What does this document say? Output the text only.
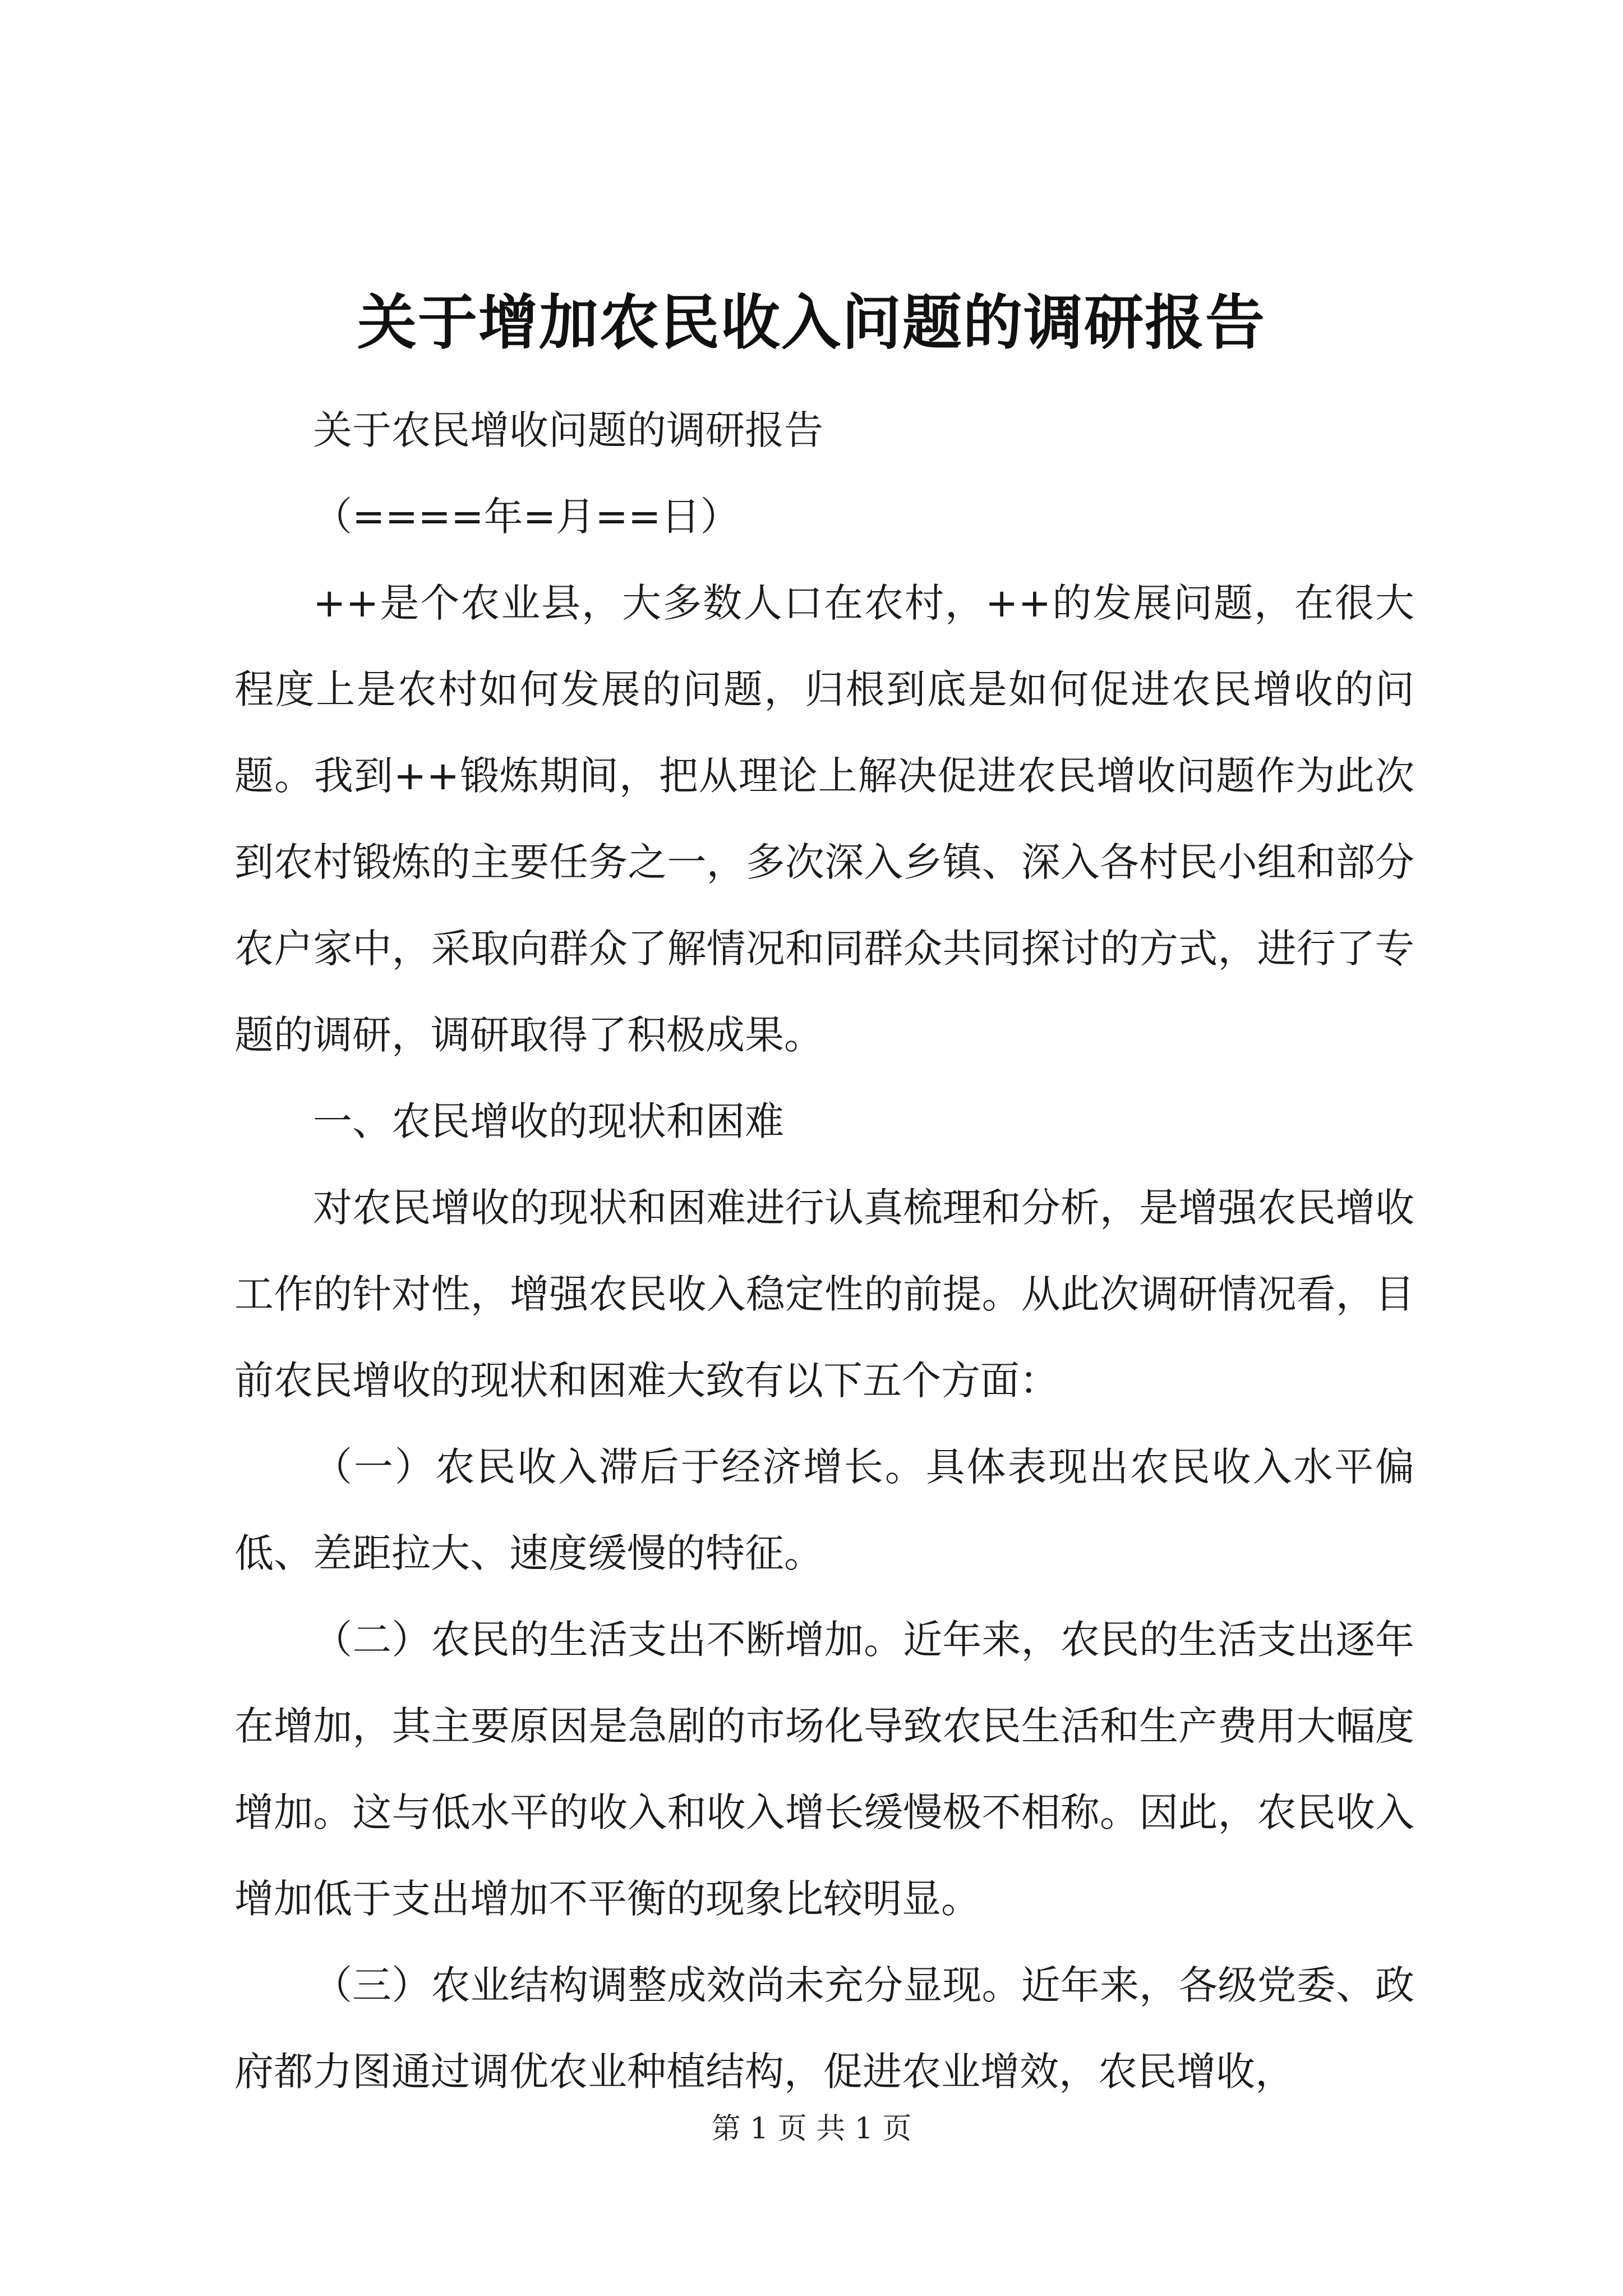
关于增加农民收入问题的调研报告

关于农民增收问题的调研报告

（====年=月==日）

++是个农业县，大多数人口在农村，++的发展问题，在很大程度上是农村如何发展的问题，归根到底是如何促进农民增收的问题。我到++锻炼期间，把从理论上解决促进农民增收问题作为此次到农村锻炼的主要任务之一，多次深入乡镇、深入各村民小组和部分农户家中，采取向群众了解情况和同群众共同探讨的方式，进行了专题的调研，调研取得了积极成果。

一、农民增收的现状和困难

对农民增收的现状和困难进行认真梳理和分析，是增强农民增收工作的针对性，增强农民收入稳定性的前提。从此次调研情况看，目前农民增收的现状和困难大致有以下五个方面：

（一）农民收入滞后于经济增长。具体表现出农民收入水平偏低、差距拉大、速度缓慢的特征。

（二）农民的生活支出不断增加。近年来，农民的生活支出逐年在增加，其主要原因是急剧的市场化导致农民生活和生产费用大幅度增加。这与低水平的收入和收入增长缓慢极不相称。因此，农民收入增加低于支出增加不平衡的现象比较明显。

（三）农业结构调整成效尚未充分显现。近年来，各级党委、政府都力图通过调优农业种植结构，促进农业增效，农民增收，

第 1 页 共 1 页
